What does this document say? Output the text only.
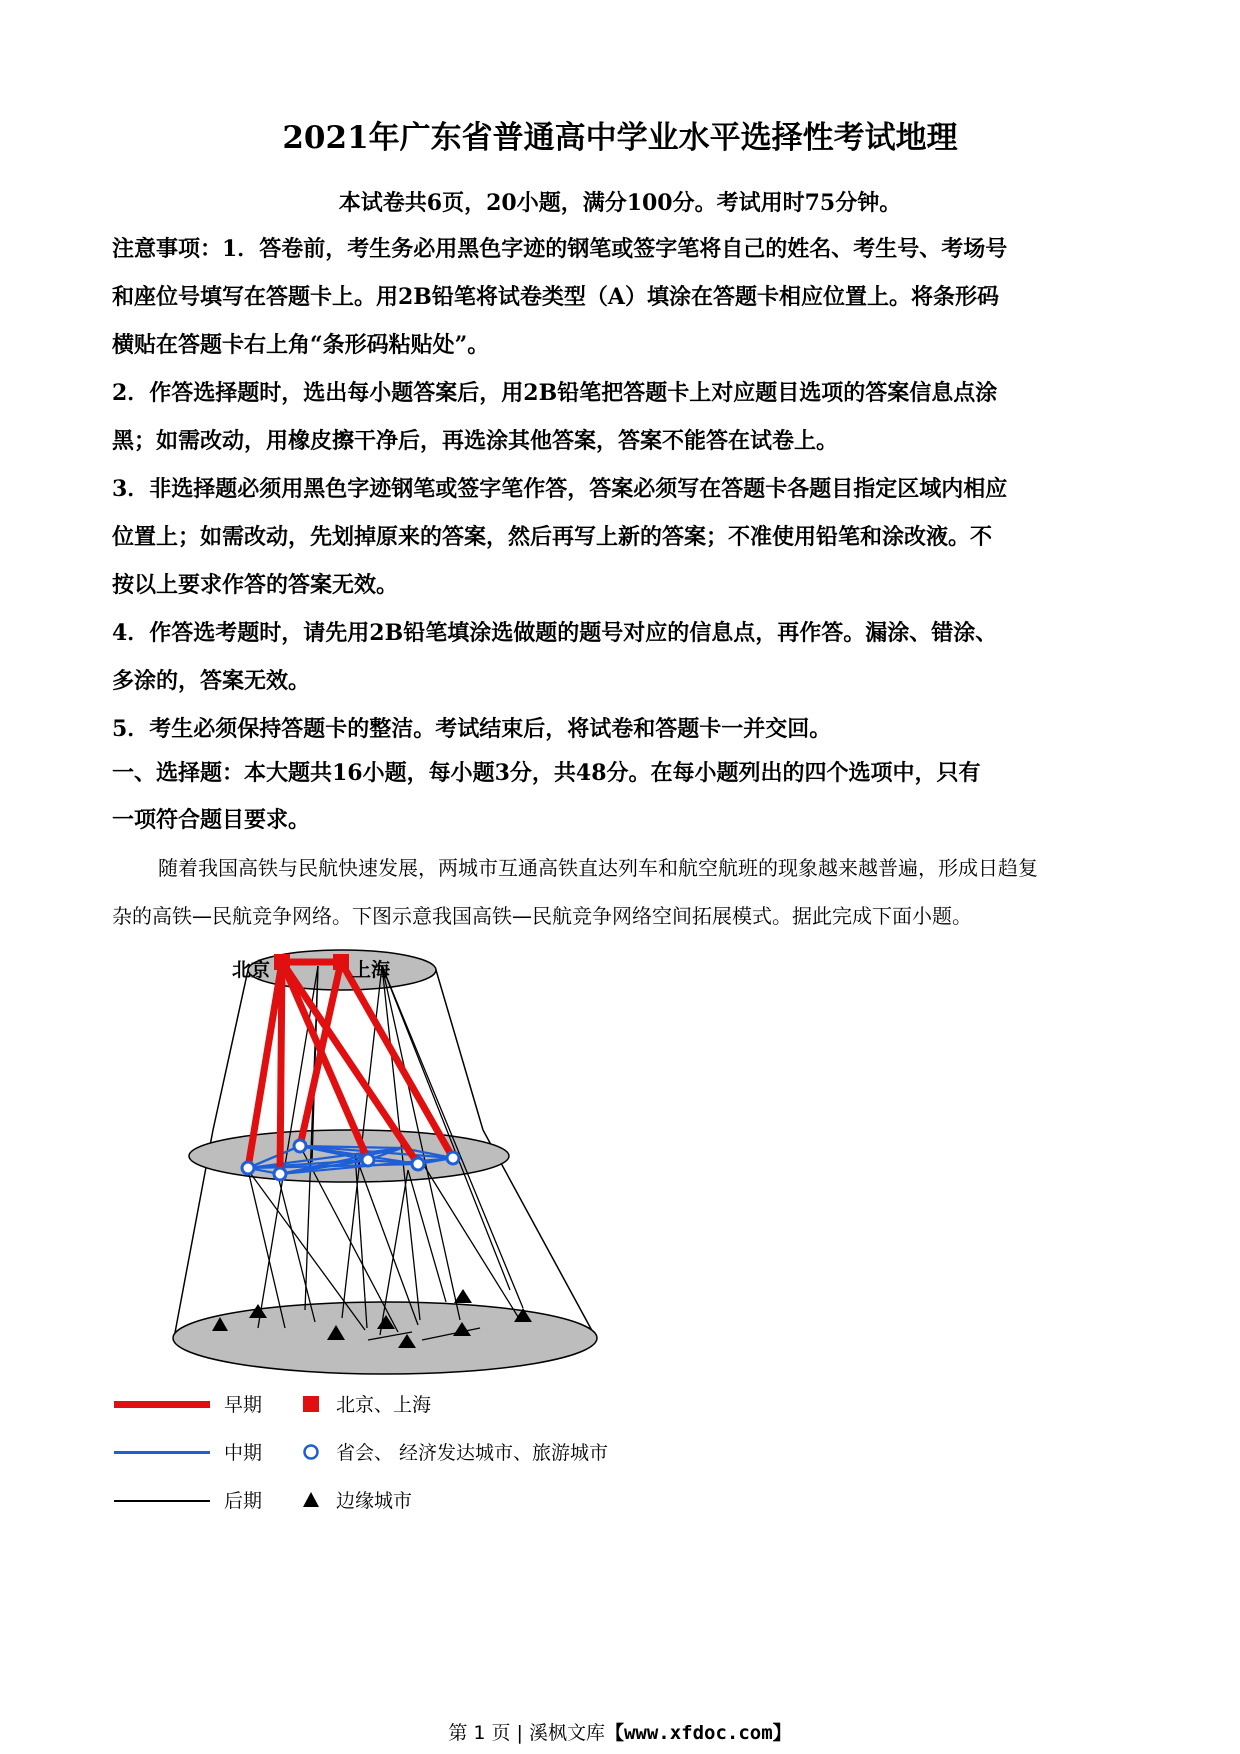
2021年广东省普通高中学业水平选择性考试地理
本试卷共6页，20小题，满分100分。考试用时75分钟。
注意事项：1．答卷前，考生务必用黑色字迹的钢笔或签字笔将自己的姓名、考生号、考场号
和座位号填写在答题卡上。用2B铅笔将试卷类型（A）填涂在答题卡相应位置上。将条形码
横贴在答题卡右上角“条形码粘贴处”。
2．作答选择题时，选出每小题答案后，用2B铅笔把答题卡上对应题目选项的答案信息点涂
黑；如需改动，用橡皮擦干净后，再选涂其他答案，答案不能答在试卷上。
3．非选择题必须用黑色字迹钢笔或签字笔作答，答案必须写在答题卡各题目指定区域内相应
位置上；如需改动，先划掉原来的答案，然后再写上新的答案；不准使用铅笔和涂改液。不
按以上要求作答的答案无效。
4．作答选考题时，请先用2B铅笔填涂选做题的题号对应的信息点，再作答。漏涂、错涂、
多涂的，答案无效。
5．考生必须保持答题卡的整洁。考试结束后，将试卷和答题卡一并交回。
一、选择题：本大题共16小题，每小题3分，共48分。在每小题列出的四个选项中，只有
一项符合题目要求。
随着我国高铁与民航快速发展，两城市互通高铁直达列车和航空航班的现象越来越普遍，形成日趋复
杂的高铁—民航竞争网络。下图示意我国高铁—民航竞争网络空间拓展模式。据此完成下面小题。
北京	上海
早期	北京、上海
中期	省会、 经济发达城市、旅游城市
后期	边缘城市
第 1 页 | 溪枫文库【www.xfdoc.com】
